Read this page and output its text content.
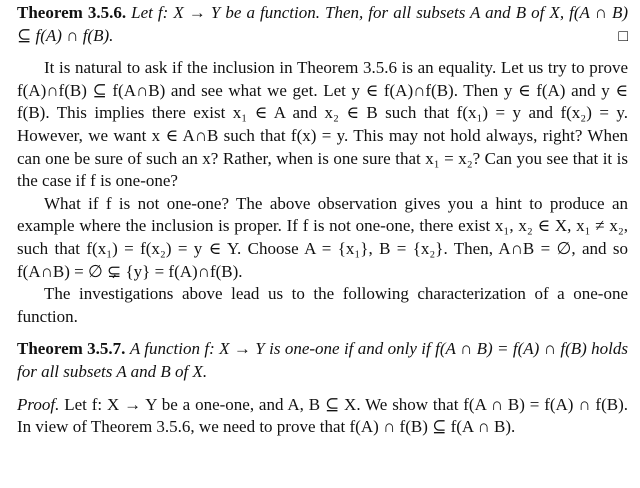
Theorem 3.5.6. Let f: X → Y be a function. Then, for all subsets A and B of X, f(A ∩ B) ⊆ f(A) ∩ f(B).	□

It is natural to ask if the inclusion in Theorem 3.5.6 is an equality. Let us try to prove f(A)∩f(B) ⊆ f(A∩B) and see what we get. Let y ∈ f(A)∩f(B). Then y ∈ f(A) and y ∈ f(B). This implies there exist x₁ ∈ A and x₂ ∈ B such that f(x₁) = y and f(x₂) = y. However, we want x ∈ A∩B such that f(x) = y. This may not hold always, right? When can one be sure of such an x? Rather, when is one sure that x₁ = x₂? Can you see that it is the case if f is one-one?

What if f is not one-one? The above observation gives you a hint to produce an example where the inclusion is proper. If f is not one-one, there exist x₁, x₂ ∈ X, x₁ ≠ x₂, such that f(x₁) = f(x₂) = y ∈ Y. Choose A = {x₁}, B = {x₂}. Then, A∩B = ∅, and so f(A∩B) = ∅ ⊊ {y} = f(A)∩f(B).

The investigations above lead us to the following characterization of a one-one function.

Theorem 3.5.7. A function f: X → Y is one-one if and only if f(A ∩ B) = f(A) ∩ f(B) holds for all subsets A and B of X.

Proof. Let f: X → Y be a one-one, and A, B ⊆ X. We show that f(A ∩ B) = f(A) ∩ f(B). In view of Theorem 3.5.6, we need to prove that f(A) ∩ f(B) ⊆ f(A ∩ B).
